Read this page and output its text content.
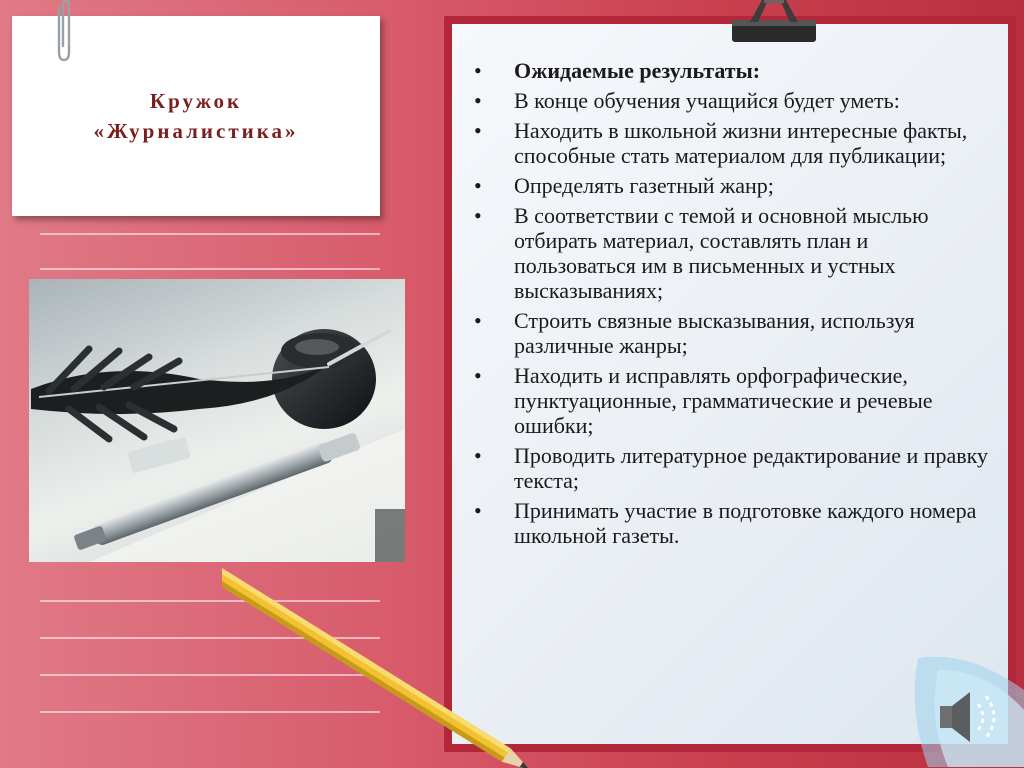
Кружок
«Журналистика»
•	Ожидаемые результаты:
•	В конце обучения учащийся будет уметь:
•	Находить в школьной жизни интересные факты, способные стать материалом для публикации;
•	Определять газетный жанр;
•	В соответствии с темой и основной мыслью отбирать материал, составлять план и пользоваться им в письменных и устных высказываниях;
•	Строить связные высказывания, используя различные жанры;
•	Находить и исправлять орфографические, пунктуационные, грамматические и речевые ошибки;
•	Проводить литературное редактирование и правку текста;
•	Принимать участие в подготовке каждого номера школьной газеты.
